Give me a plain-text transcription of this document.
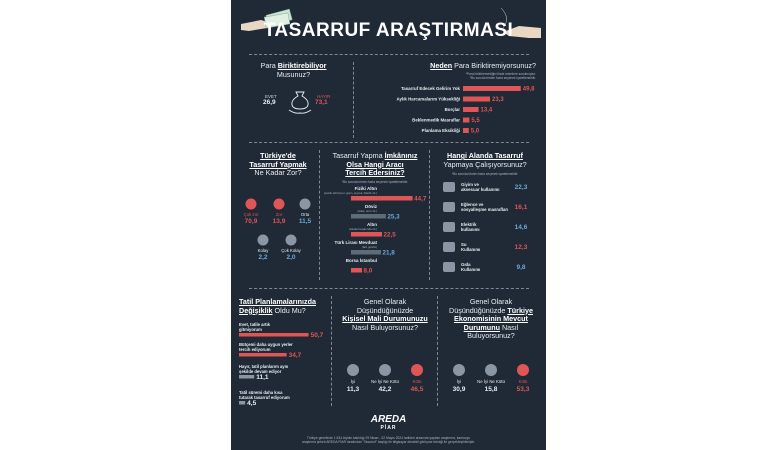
TASARRUF ARAŞTIRMASI
Para Biriktirebiliyor
Musunuz?
EVET
26,9
HAYIR
73,1
Neden Para Biriktiremiyorsunuz?
*Para biriktiremediğini ifade edenlere sorulmuştur.
*Bu soruda birden fazla seçenek işaretlenebilir.
Tasarruf Edecek Gelirim Yok	49,8
Aylık Harcamalarım Yüksekliği	23,3
Borçlar	13,4
Beklenmedik Masraflar 5,5
Planlama Eksikliği 5,0
Türkiye'de
Tasarruf Yapmak
Ne Kadar Zor?
Çok zor
70,9
Zor
13,9
Orta
11,5
Kolay
2,2
Çok Kolay
2,0
Tasarruf Yapma İmkânınız
Olsa Hangi Aracı
Tercih Edersiniz?
*Bu soruda birden fazla seçenek işaretlenebilir.
Fiziki Altın
(yastık altı/ziynet, gram, çeyrek, bilezik vb.)
44,7
Döviz
(dolar, euro vb.)
25,3
Altın
(banka hesabında vb.)
22,5
Türk Lirası Mevduat
(faiz getirisi)
21,8
Borsa İstanbul
8,0
Hangi Alanda Tasarruf
Yapmaya Çalışıyorsunuz?
*Bu soruda birden fazla seçenek işaretlenebilir.
Giyim ve
aksesuar kullanımı 22,3
Eğlence ve
sosyalleşme masrafları 16,1
Elektrik
kullanımı	14,6
Su
Kullanımı	12,3
Gıda
Kullanımı	9,8
Tatil Planlamalarınızda
Değişiklik Oldu Mu?
Evet, tatile artık
gitmiyorum
50,7
Bütçemi daha uygun yerler
tercih ediyorum
34,7
Hayır, tatil planlarım aynı
şekilde devam ediyor
11,1
Tatil süremi daha kısa
tutarak tasarruf ediyorum
4,5
Genel Olarak
Düşündüğünüzde
Kişisel Mali Durumunuzu
Nasıl Buluyorsunuz?
İyi
11,3
Ne İyi Ne Kötü
42,2
Kötü
46,5
Genel Olarak
Düşündüğünüzde Türkiye
Ekonomisinin Mevcut
Durumunu Nasıl
Buluyorsunuz?
İyi
30,9
Ne İyi Ne Kötü
15,8
Kötü
53,3
AREDA
PİAR
Türkiye genelinde 1.534 kişinin katıldığı 29 Nisan - 02 Mayıs 2024 tarihleri arasında yapılan araştırma, kamuoyu
araştırma şirketi AREDA PİAR tarafından "Tasarruf" başlığı ile bilgisayar destekli görüşme tekniği ile gerçekleştirilmiştir.
